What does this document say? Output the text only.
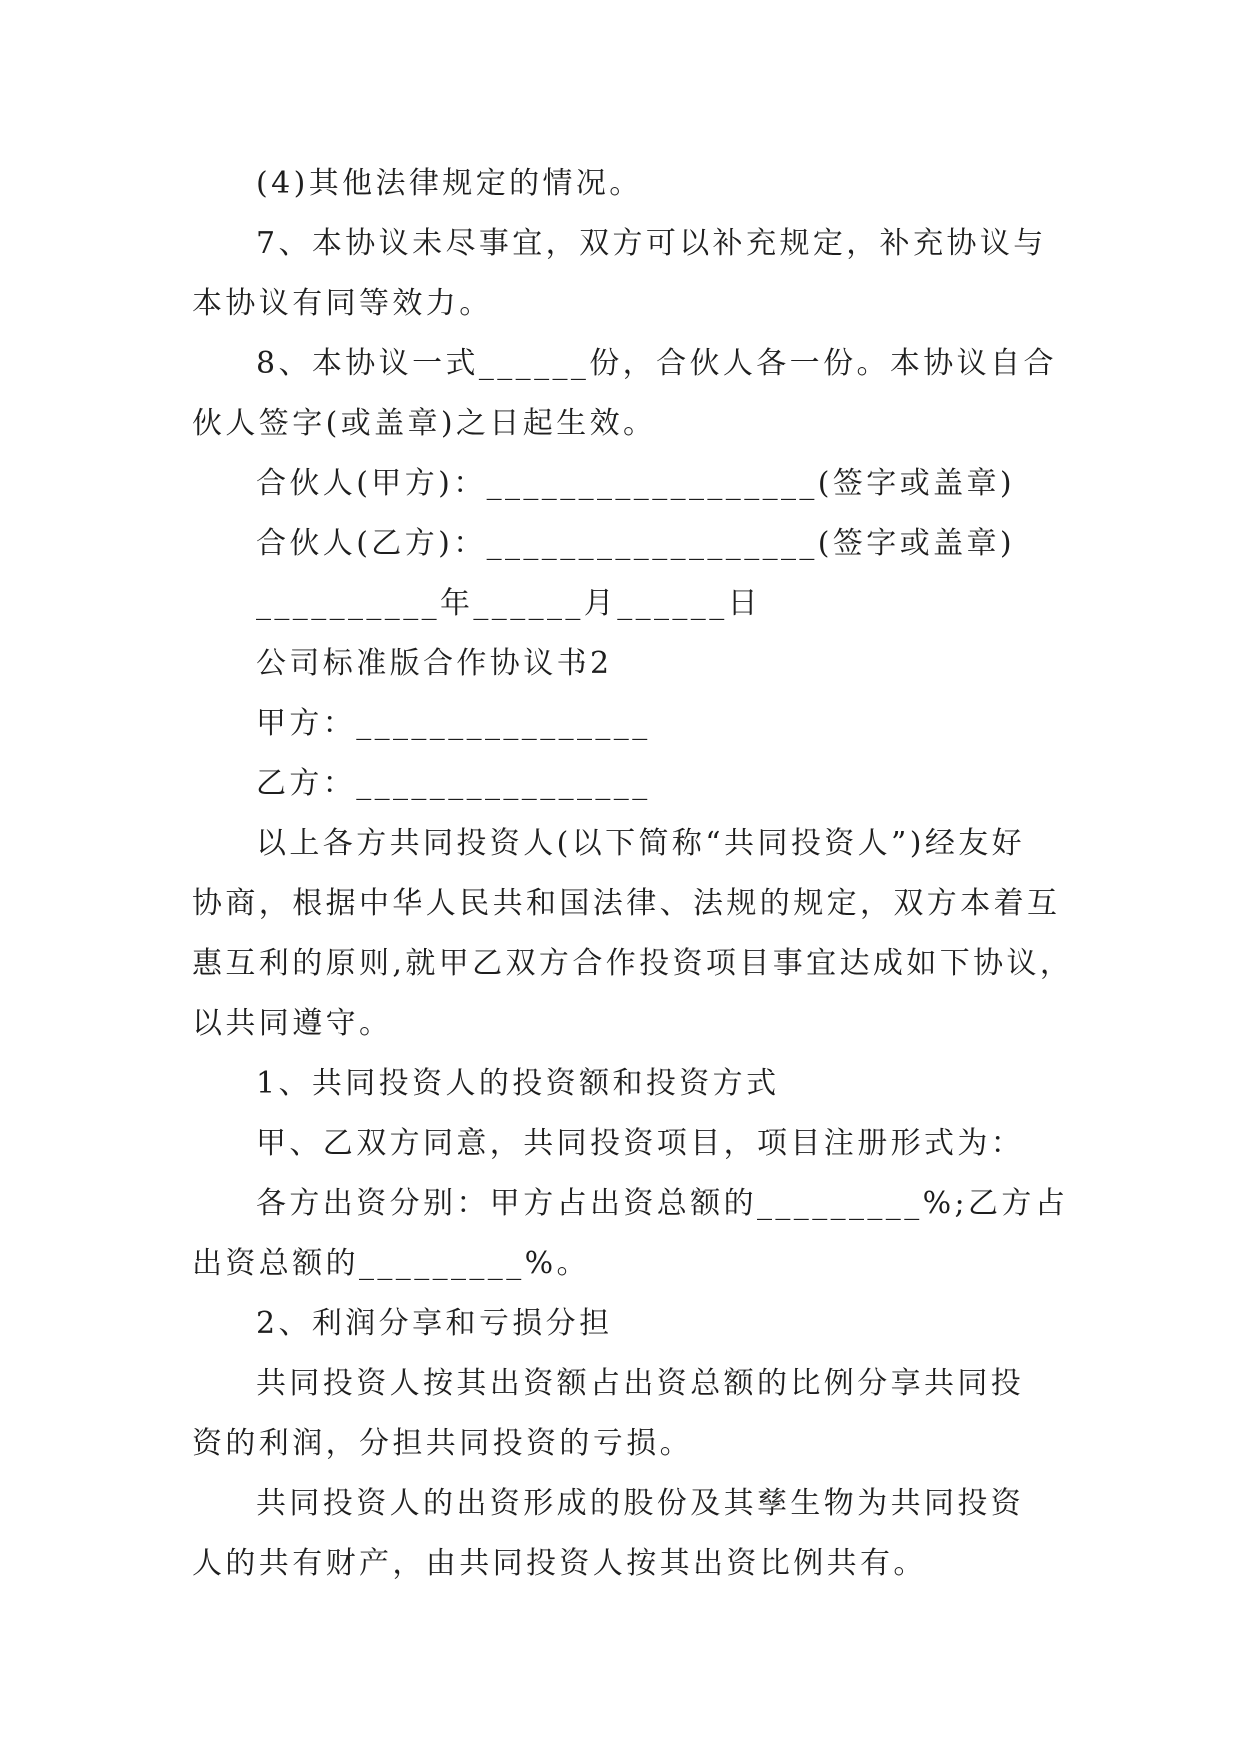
(4)其他法律规定的情况。
7、本协议未尽事宜，双方可以补充规定，补充协议与
本协议有同等效力。
8、本协议一式______份，合伙人各一份。本协议自合
伙人签字(或盖章)之日起生效。
合伙人(甲方)：__________________(签字或盖章)
合伙人(乙方)：__________________(签字或盖章)
__________年______月______日
公司标准版合作协议书2
甲方：________________
乙方：________________
以上各方共同投资人(以下简称“共同投资人”)经友好
协商，根据中华人民共和国法律、法规的规定，双方本着互
惠互利的原则,就甲乙双方合作投资项目事宜达成如下协议，
以共同遵守。
1、共同投资人的投资额和投资方式
甲、乙双方同意，共同投资项目，项目注册形式为：
各方出资分别：甲方占出资总额的_________%;乙方占
出资总额的_________%。
2、利润分享和亏损分担
共同投资人按其出资额占出资总额的比例分享共同投
资的利润，分担共同投资的亏损。
共同投资人的出资形成的股份及其孳生物为共同投资
人的共有财产，由共同投资人按其出资比例共有。
